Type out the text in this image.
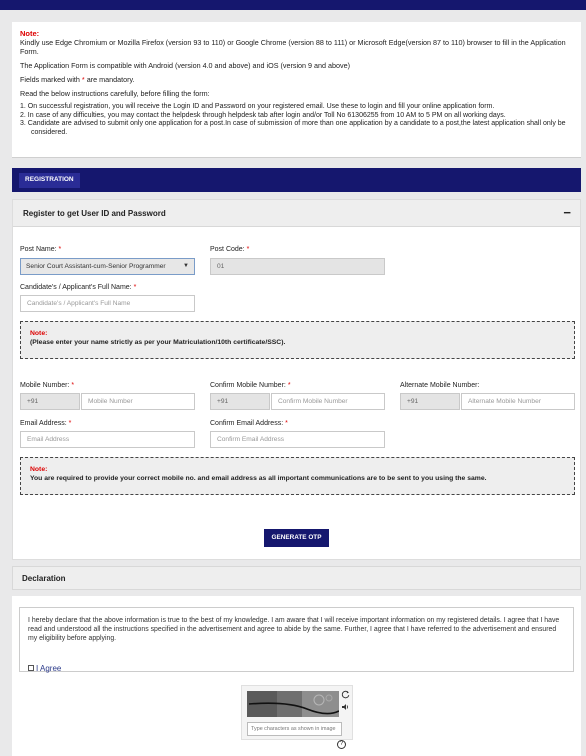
Note:
Kindly use Edge Chromium or Mozilla Firefox (version 93 to 110) or Google Chrome (version 88 to 111) or Microsoft Edge(version 87 to 110) browser to fill in the Application Form.

The Application Form is compatible with Android (version 4.0 and above) and iOS (version 9 and above)

Fields marked with * are mandatory.

Read the below instructions carefully, before filling the form:

1. On successful registration, you will receive the Login ID and Password on your registered email. Use these to login and fill your online application form.
2. In case of any difficulties, you may contact the helpdesk through helpdesk tab after login and/or Toll No 61306255 from 10 AM to 5 PM on all working days.
3. Candidate are advised to submit only one application for a post.In case of submission of more than one application by a candidate to a post,the latest application shall only be considered.
REGISTRATION
Register to get User ID and Password	−
Post Name: *
Senior Court Assistant-cum-Senior Programmer	▼
Post Code: *
01
Candidate's / Applicant's Full Name: *
Candidate's / Applicant's Full Name
Note:
(Please enter your name strictly as per your Matriculation/10th certificate/SSC).
Mobile Number: *
+91	Mobile Number
Confirm Mobile Number: *
+91	Confirm Mobile Number
Alternate Mobile Number:
+91	Alternate Mobile Number
Email Address: *
Email Address
Confirm Email Address: *
Confirm Email Address
Note:
You are required to provide your correct mobile no. and email address as all important communications are to be sent to you using the same.
GENERATE OTP
Declaration
I hereby declare that the above information is true to the best of my knowledge. I am aware that I will receive important information on my registered details. I agree that I have read and understood all the instructions specified in the advertisement and agree to abide by the same. Further, I agree that I have referred to the advertisement and ensured my eligibility before applying.
I Agree
Type characters as shown in image
?
